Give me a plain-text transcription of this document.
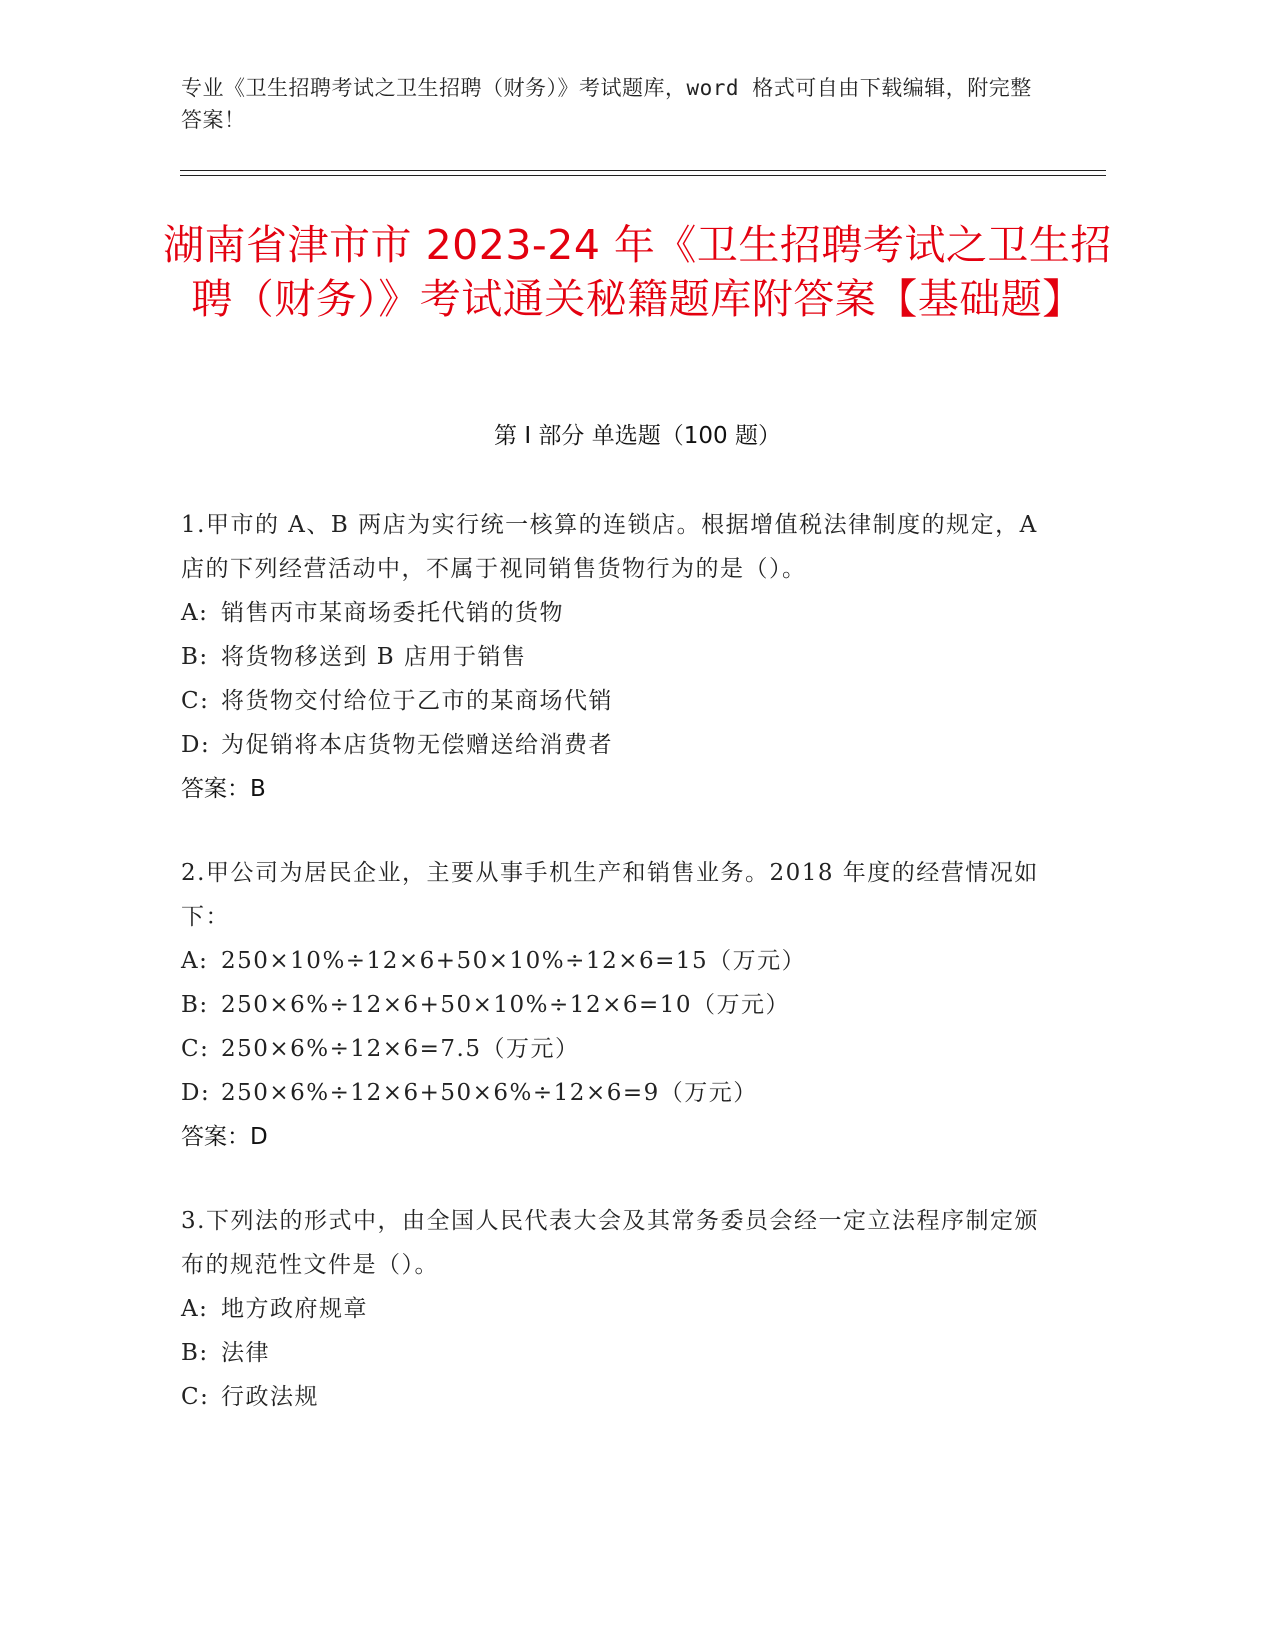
专业《卫生招聘考试之卫生招聘（财务）》考试题库，word 格式可自由下载编辑，附完整答案！
湖南省津市市 2023-24 年《卫生招聘考试之卫生招聘（财务）》考试通关秘籍题库附答案【基础题】
第 I 部分 单选题（100 题）
1.甲市的 A、B 两店为实行统一核算的连锁店。根据增值税法律制度的规定，A 店的下列经营活动中，不属于视同销售货物行为的是（）。
A: 销售丙市某商场委托代销的货物
B: 将货物移送到 B 店用于销售
C: 将货物交付给位于乙市的某商场代销
D: 为促销将本店货物无偿赠送给消费者
答案：B
2.甲公司为居民企业，主要从事手机生产和销售业务。2018 年度的经营情况如下：
A: 250×10%÷12×6+50×10%÷12×6=15（万元）
B: 250×6%÷12×6+50×10%÷12×6=10（万元）
C: 250×6%÷12×6=7.5（万元）
D: 250×6%÷12×6+50×6%÷12×6=9（万元）
答案：D
3.下列法的形式中，由全国人民代表大会及其常务委员会经一定立法程序制定颁布的规范性文件是（）。
A: 地方政府规章
B: 法律
C: 行政法规
